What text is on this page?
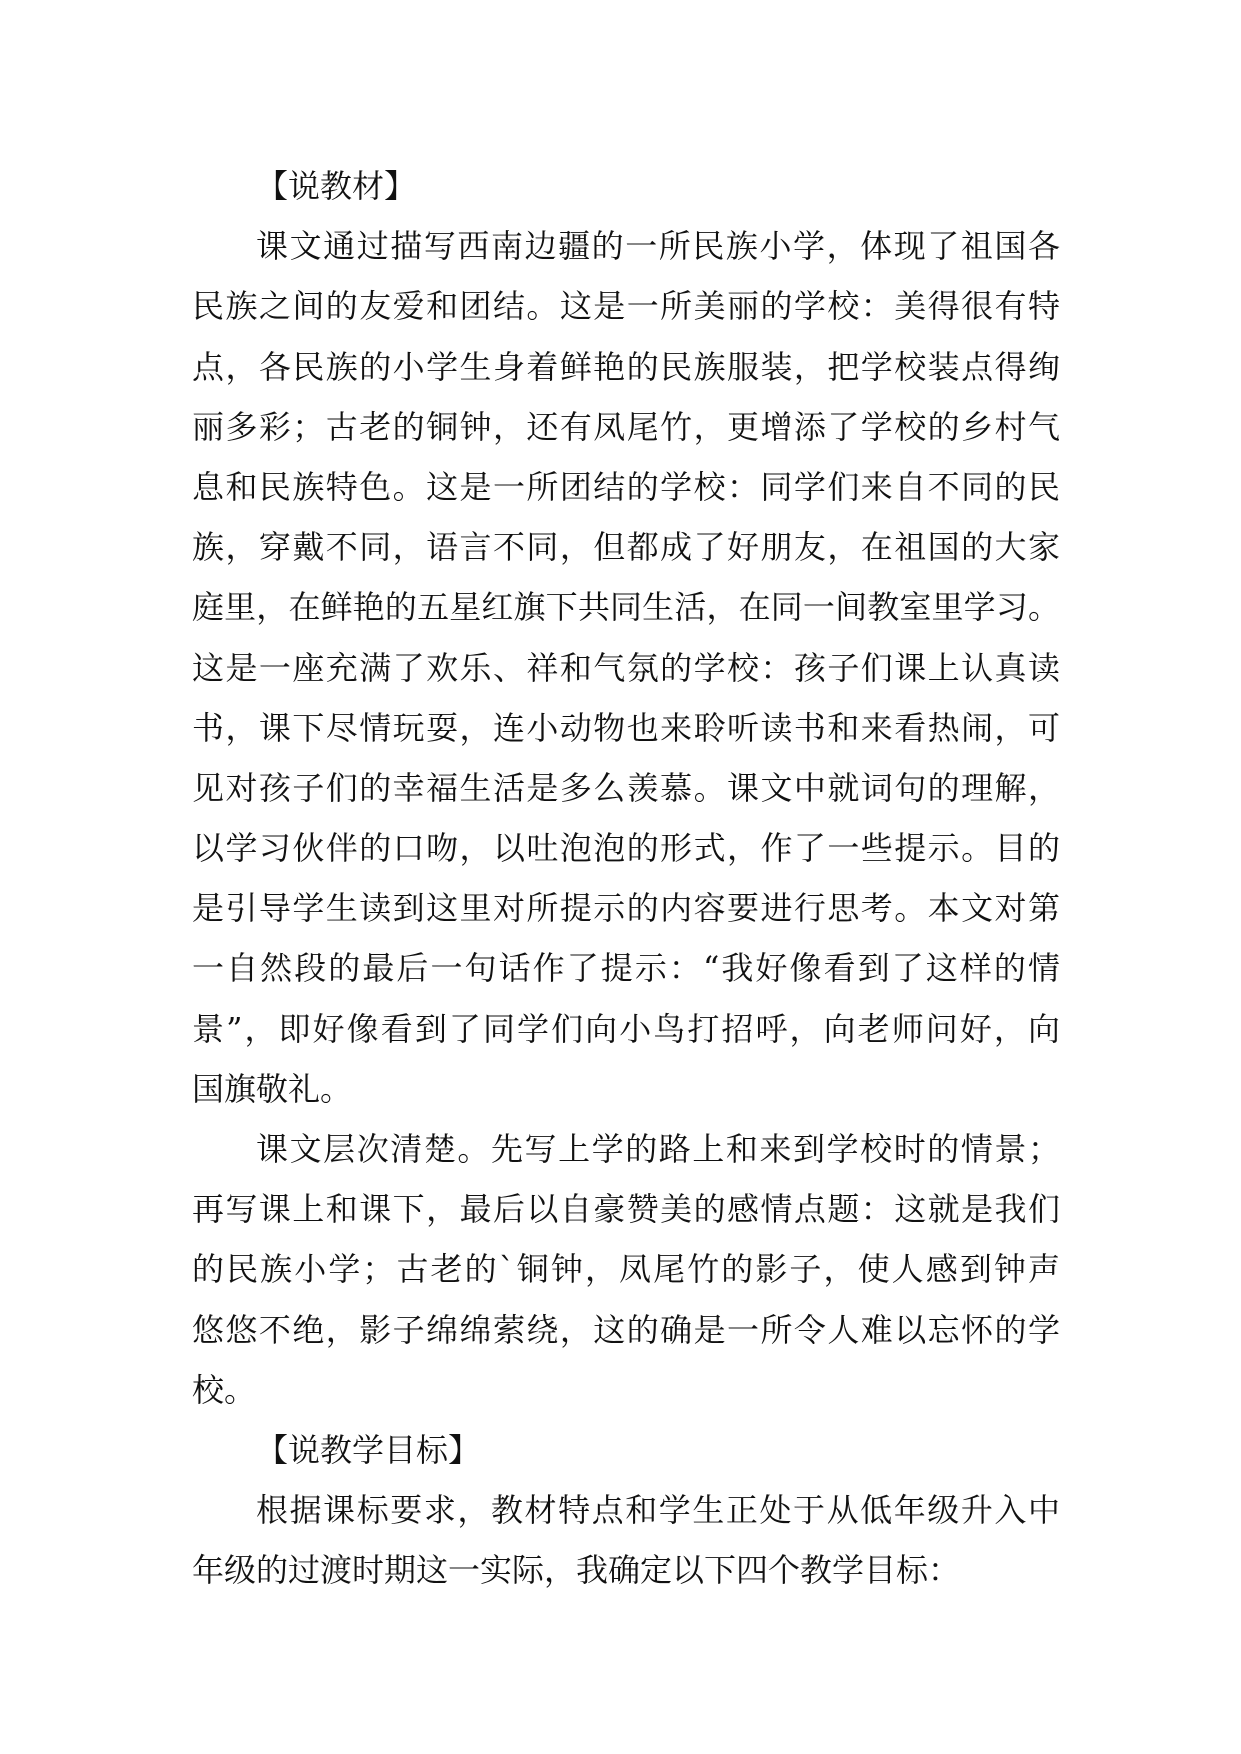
【说教材】
课文通过描写西南边疆的一所民族小学，体现了祖国各
民族之间的友爱和团结。这是一所美丽的学校：美得很有特
点，各民族的小学生身着鲜艳的民族服装，把学校装点得绚
丽多彩；古老的铜钟，还有凤尾竹，更增添了学校的乡村气
息和民族特色。这是一所团结的学校：同学们来自不同的民
族，穿戴不同，语言不同，但都成了好朋友，在祖国的大家
庭里，在鲜艳的五星红旗下共同生活，在同一间教室里学习。
这是一座充满了欢乐、祥和气氛的学校：孩子们课上认真读
书，课下尽情玩耍，连小动物也来聆听读书和来看热闹，可
见对孩子们的幸福生活是多么羡慕。课文中就词句的理解，
以学习伙伴的口吻，以吐泡泡的形式，作了一些提示。目的
是引导学生读到这里对所提示的内容要进行思考。本文对第
一自然段的最后一句话作了提示：“我好像看到了这样的情
景”，即好像看到了同学们向小鸟打招呼，向老师问好，向
国旗敬礼。
课文层次清楚。先写上学的路上和来到学校时的情景；
再写课上和课下，最后以自豪赞美的感情点题：这就是我们
的民族小学；古老的`铜钟，凤尾竹的影子，使人感到钟声
悠悠不绝，影子绵绵萦绕，这的确是一所令人难以忘怀的学
校。
【说教学目标】
根据课标要求，教材特点和学生正处于从低年级升入中
年级的过渡时期这一实际，我确定以下四个教学目标：
